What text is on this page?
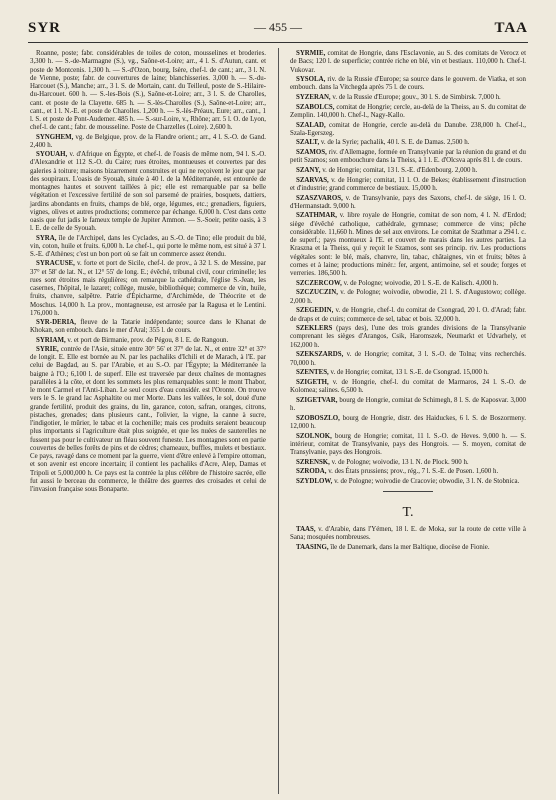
SYR	— 455 —	TAA

Roanne, poste; fabr. considérables de toiles de coton, mousselines et broderies. 3,300 h. — S.-de-Marmagne (S.), vg., Saône-et-Loire; arr., 4 l. S. d'Autun, cant. et poste de Montcenis. 1,300 h. — S.-d'Ozon, bourg, Isère, chef-l. de cant.; arr., 3 l. N. de Vienne, poste; fabr. de couvertures de laine; blanchisseries. 3,000 h. — S.-du-Harcouet (S.), Manche; arr., 3 l. S. de Mortain, cant. du Teilleul, poste de S.-Hilaire-du-Harcouet. 600 h. — S.-les-Bois (S.), Saône-et-Loire; arr., 3 l. S. de Charolles, cant. et poste de la Clayette. 685 h. — S.-lès-Charolles (S.), Saône-et-Loire; arr., cant., et 1 l. N.-E. et poste de Charolles. 1,200 h. — S.-lès-Préaux, Eure; arr., cant., 1 l. S. et poste de Pont-Audemer. 485 h. — S.-sur-Loire, v., Rhône; arr. 5 l. O. de Lyon, chef-l. de cant.; fabr. de mousseline. Poste de Charzelles (Loire). 2,600 h.

SYNGHEM, vg. de Belgique, prov. de la Flandre orient.; arr., 4 l. S.-O. de Gand. 2,400 h.

SYOUAH, v. d'Afrique en Égypte, et chef-l. de l'oasis de même nom, 94 l. S.-O. d'Alexandrie et 112 S.-O. du Caire; rues étroites, montueuses et couvertes par des galeries à toiture; maisons bizarrement construites et qui ne reçoivent le jour que par des soupiraux. L'oasis de Syouah, située à 40 l. de la Méditerranée, est entourée de montagnes hautes et souvent taillées à pic; elle est remarquable par sa belle végétation et l'excessive fertilité de son sol parsemé de prairies, bosquets, dattiers, jardins abondants en fruits, champs de blé, orge, légumes, etc.; grenadiers, figuiers, vignes, olives et autres productions; commerce par échange. 6,000 h. C'est dans cette oasis que fut jadis le fameux temple de Jupiter Ammon. — S.-Soeir, petite oasis, à 3 l. E. de celle de Syouah.

SYRA, île de l'Archipel, dans les Cyclades, au S.-O. de Tino; elle produit du blé, vin, coton, huile et fruits. 6,000 h. Le chef-l., qui porte le même nom, est situé à 37 l. S.-E. d'Athènes; c'est un bon port où se fait un commerce assez étendu.

SYRACUSE, v. forte et port de Sicile, chef-l. de prov., à 32 l. S. de Messine, par 37° et 58' de lat. N., et 12° 55' de long. E.; évêché, tribunal civil, cour criminelle; les rues sont étroites mais régulières; on remarque la cathédrale, l'église S.-Jean, les casernes, l'hôpital, le lazaret; collège, musée, bibliothèque; commerce de vin, huile, fruits, chanvre, salpêtre. Patrie d'Épicharme, d'Archimède, de Théocrite et de Moschus. 14,000 h. La prov., montagneuse, est arrosée par la Ragusa et le Lentini. 176,000 h.

SYR-DERIA, fleuve de la Tatarie indépendante; source dans le Khanat de Khokan, son embouch. dans le mer d'Aral; 355 l. de cours.

SYRIAM, v. et port de Birmanie, prov. de Pégou, 8 l. E. de Rangoun.

SYRIE, contrée de l'Asie, située entre 30° 56' et 37° de lat. N., et entre 32° et 37° de longit. E. Elle est bornée au N. par les pachaliks d'Ichili et de Marach, à l'E. par celui de Bagdad, au S. par l'Arabie, et au S.-O. par l'Égypte; la Méditerranée la baigne à l'O.; 6,100 l. de superf. Elle est traversée par deux chaînes de montagnes parallèles à la côte, et dont les sommets les plus remarquables sont: le mont Thabor, le mont Carmel et l'Anti-Liban. Le seul cours d'eau considér. est l'Oronte. On trouve vers le S. le grand lac Asphaltite ou mer Morte. Dans les vallées, le sol, doué d'une grande fertilité, produit des grains, du lin, garance, coton, safran, oranges, citrons, pistaches, grenades; dans plusieurs cant., l'olivier, la vigne, la canne à sucre, l'indigotier, le mûrier, le tabac et la cochenille; mais ces produits seraient beaucoup plus importants si l'agriculture était plus soignée, et que les nuées de sauterelles ne fussent pas pour le cultivateur un fléau souvent funeste. Les montagnes sont en partie couvertes de belles forêts de pins et de cèdres; chameaux, buffles, mulets et bestiaux. Ce pays, ravagé dans ce moment par la guerre, vient d'être enlevé à l'empire ottoman, et son avenir est encore incertain; il contient les pachaliks d'Acre, Alep, Damas et Tripoli et 5,000,000 h. Ce pays est la contrée la plus célèbre de l'histoire sacrée, elle fut aussi le berceau du commerce, le théâtre des guerres des croisades et celui de l'invasion française sous Bonaparte.

SYRMIE, comitat de Hongrie, dans l'Esclavonie, au S. des comitats de Verocz et de Bacs; 120 l. de superficie; contrée riche en blé, vin et bestiaux. 110,000 h. Chef-l. Vukovar.

SYSOLA, riv. de la Russie d'Europe; sa source dans le gouvern. de Viatka, et son embouch. dans la Vitchegda après 75 l. de cours.

SYZERAN, v. de la Russie d'Europe; gouv., 30 l. S. de Simbirsk. 7,000 h.

SZABOLCS, comitat de Hongrie; cercle, au-delà de la Theiss, au S. du comitat de Zemplin. 140,000 h. Chef-l., Nagy-Kallo.

SZALAD, comitat de Hongrie, cercle au-delà du Danube. 238,000 h. Chef-l., Szala-Egerszeg.

SZALT, v. de la Syrie; pachalik, 40 l. S. E. de Damas. 2,500 h.

SZAMOS, riv. d'Allemagne, formée en Transylvanie par la réunion du grand et du petit Szamos; son embouchure dans la Theiss, à 1 l. E. d'Olcsva après 81 l. de cours.

SZANY, v. de Hongrie; comitat, 13 l. S.-E. d'Edenbourg. 2,000 h.

SZARVAS, v. de Hongrie; comitat, 11 l. O. de Bekes; établissement d'instruction et d'industrie; grand commerce de bestiaux. 15,000 h.

SZASZVAROS, v. de Transylvanie, pays des Saxons, chef-l. de siège, 16 l. O. d'Hermanstadt. 9,000 h.

SZATHMAR, v. libre royale de Hongrie, comitat de son nom, 4 l. N. d'Erdod; siège d'évêché catholique, cathédrale, gymnase; commerce de vins; pêche considérable. 11,660 h. Mines de sel aux environs. Le comitat de Szathmar a 294 l. c. de superf.; pays montueux à l'E. et couvert de marais dans les autres parties. La Kraszna et la Theiss, qui y reçoit le Szamos, sont ses princip. riv. Les productions végétales sont: le blé, maïs, chanvre, lin, tabac, châtaignes, vin et fruits; bêtes à cornes et à laine; productions minér.: fer, argent, antimoine, sel et soude; forges et verreries. 186,500 h.

SZCZERCOW, v. de Pologne; woivodie, 20 l. S.-E. de Kalisch. 4,000 h.

SZCZUCZIN, v. de Pologne; woivodie, obwodie, 21 l. S. d'Augustowo; collège. 2,000 h.

SZEGEDIN, v. de Hongrie, chef-l. du comitat de Csongrad, 20 l. O. d'Arad; fabr. de draps et de cuirs; commerce de sel, tabac et bois. 32,000 h.

SZEKLERS (pays des), l'une des trois grandes divisions de la Transylvanie comprenant les sièges d'Arangos, Csik, Haromszek, Neumarkt et Udvarhely, et 162,000 h.

SZEKSZARDS, v. de Hongrie; comitat, 3 l. S.-O. de Tolna; vins recherchés. 70,000 h.

SZENTES, v. de Hongrie; comitat, 13 l. S.-E. de Csongrad. 15,000 h.

SZIGETH, v. de Hongrie, chef-l. du comitat de Marmaros, 24 l. S.-O. de Kolomea; salines. 6,500 h.

SZIGETVAR, bourg de Hongrie, comitat de Schimegh, 8 l. S. de Kaposvar. 3,000 h.

SZOBOSZLO, bourg de Hongrie, distr. des Haiduckes, 6 l. S. de Boszormeny. 12,000 h.

SZOLNOK, bourg de Hongrie; comitat, 11 l. S.-O. de Heves. 9,000 h. — S. intérieur, comitat de Transylvanie, pays des Hongrois. — S. moyen, comitat de Transylvanie, pays des Hongrois.

SZRENSK, v. de Pologne; woivodie, 13 l. N. de Plock. 900 h.

SZRODA, v. des États prussiens; prov., rég., 7 l. S.-E. de Posen. 1,600 h.

SZYDLOW, v. de Pologne; woivodie de Cracovie; obwodie, 3 l. N. de Stobnica.

T.

TAAS, v. d'Arabie, dans l'Yémen, 18 l. E. de Moka, sur la route de cette ville à Sana; mosquées nombreuses.

TAASING, île de Danemark, dans la mer Baltique, diocèse de Fionie.
